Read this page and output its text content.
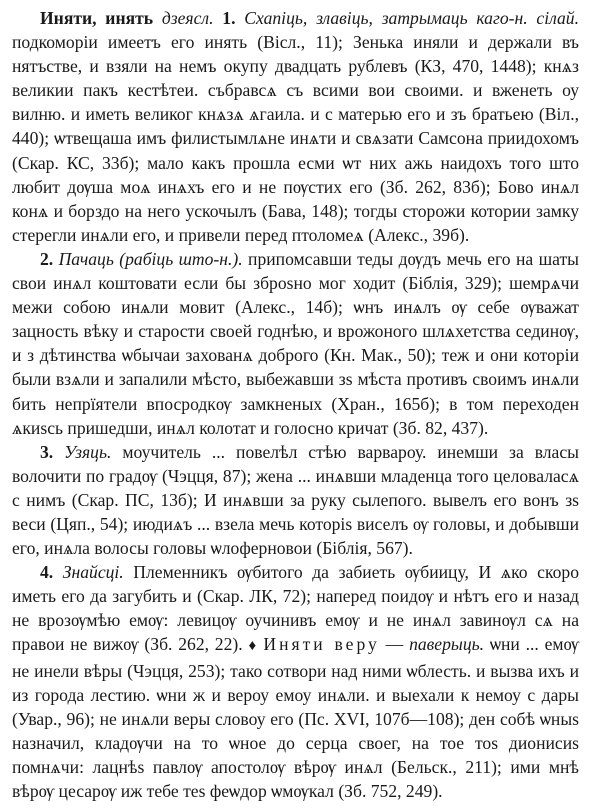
Иняти, инять дзеясл. 1. Схапіць, злавіць, затрымаць каго-н. сілай. подкоморіи имеетъ его инять (Вісл., 11); Зенька иняли и держали въ нятъстве, и взяли на немъ окупу двадцать рублевъ (КЗ, 470, 1448); кнѧз великии пакъ кестѣтеи. събравсѧ съ всими вои своими. и вженеть оу вилню. и иметь великог кнѧзѧ ѧгаила. и с матерью его и зъ братьею (Віл., 440); ѡтвещаша имъ филистымлѧне инѧти и свѧзати Самсона приидохомъ (Скар. КС, 33б); мало какъ прошла есми ѡт них ажь наидохъ того што любит дѹша моѧ инѧхъ его и не пѹстих его (Зб. 262, 83б); Бово инѧл конѧ и борздо на него ускочылъ (Бава, 148); тогды сторожи котории замку стерегли инѧли его, и привели перед птоломеѧ (Алекс., 39б).

2. Пачаць (рабіць што-н.). припомсавши теды дѹдъ мечь его на шаты свои инѧл коштовати если бы зброѕно мог ходит (Біблія, 329); шемрѧчи межи собою инѧли мовит (Алекс., 14б); ѡнъ инѧлъ ѹ себе ѹважат зацность вѣку и старости своей годнѣю, и врожоного шлѧхетства сединѹ, и з дѣтинства ѡбычаи захованѧ доброго (Кн. Мак., 50); теж и они которіи были взѧли и запалили мѣсто, выбежавши зѕ мѣста противъ своимъ инѧли бить непрїятели впосродкѹ замкненых (Хран., 165б); в том переходен ѧкиѕсь пришедши, инѧл колотат и голосно кричат (Зб. 82, 437).

3. Узяць. моучитель ... повелѣл стѣю варвароу. инемши за власы волочити по градѹ (Чэцця, 87); жена ... инѧвши младенца того целоваласѧ с нимъ (Скар. ПС, 13б); И инѧвши за руку сылепого. вывелъ его вонъ зѕ веси (Цяп., 54); июдиѧъ ... взела мечь которіѕ виселъ ѹ головы, и добывши его, инѧла волосы головы ѡлоферновои (Біблія, 567).

4. Знайсці. Племенникъ ѹбитого да забиеть ѹбиицу, И ѧко скоро иметь его да загубить и (Скар. ЛК, 72); наперед поидѹ и нѣтъ его и назад не врозѹмѣю емѹ: левицѹ оучинивъ емѹ и не инѧл завинѹл сѧ на правои не вижѹ (Зб. 262, 22). ♦ Иняти веру — паверыць. ѡни ... емѹ не инели вѣры (Чэцця, 253); тако сотвори над ними ѡблесть. и вызва ихъ и из города лестию. ѡни ж и вероу емоу инѧли. и выехали к немоу с дары (Увар., 96); не инѧли веры словоу его (Пс. XVI, 107б—108); ден собѣ ѡныѕ назначил, кладѹчи на то ѡное до серца своег, на тое тоѕ дионисиѕ помнѧчи: лацнѣѕ павлѹ апостолѹ вѣрѹ инѧл (Бельск., 211); ими мнѣ вѣрѹ цесарѹ иж тебе теѕ феѡдор ѡмѹкал (Зб. 752, 249).
